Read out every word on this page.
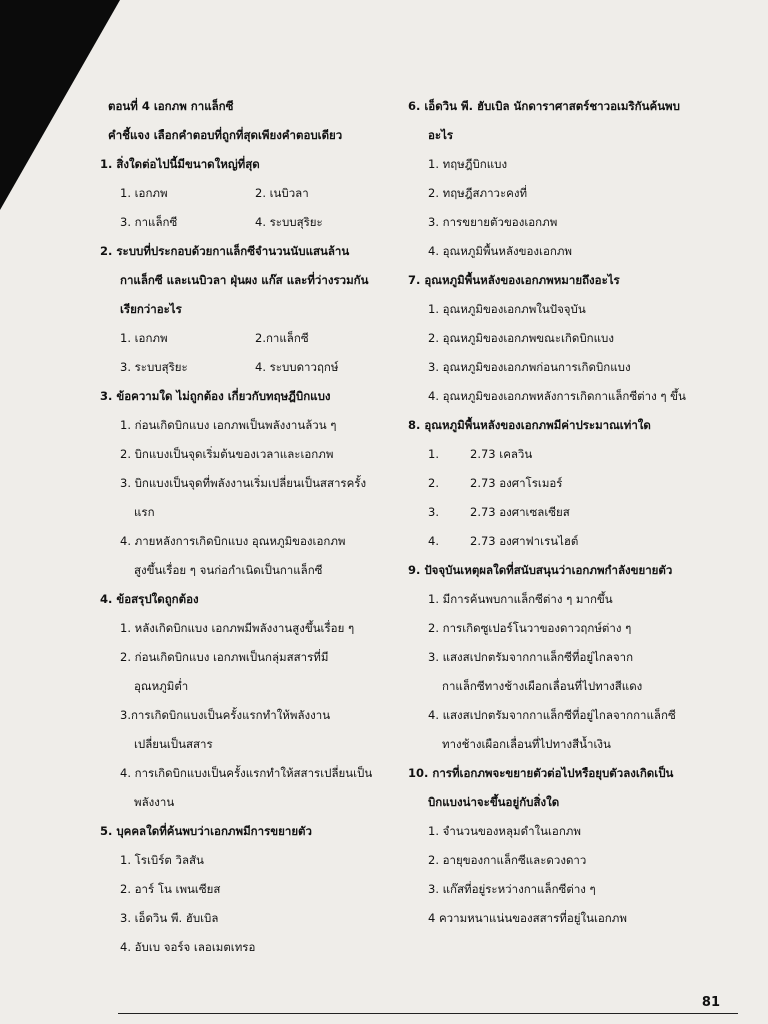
ตอนที่ 4 เอกภพ กาแล็กซี
คำชี้แจง เลือกคำตอบที่ถูกที่สุดเพียงคำตอบเดียว
1. สิ่งใดต่อไปนี้มีขนาดใหญ่ที่สุด
1. เอกภพ	2. เนบิวลา
3. กาแล็กซี	4. ระบบสุริยะ
2. ระบบที่ประกอบด้วยกาแล็กซีจำนวนนับแสนล้าน
กาแล็กซี และเนบิวลา ฝุ่นผง แก๊ส และที่ว่างรวมกัน
เรียกว่าอะไร
1. เอกภพ	2.กาแล็กซี
3. ระบบสุริยะ	4. ระบบดาวฤกษ์
3. ข้อความใด ไม่ถูกต้อง เกี่ยวกับทฤษฎีบิกแบง
1. ก่อนเกิดบิกแบง เอกภพเป็นพลังงานล้วน ๆ
2. บิกแบงเป็นจุดเริ่มต้นของเวลาและเอกภพ
3. บิกแบงเป็นจุดที่พลังงานเริ่มเปลี่ยนเป็นสสารครั้ง
แรก
4. ภายหลังการเกิดบิกแบง อุณหภูมิของเอกภพ
สูงขึ้นเรื่อย ๆ จนก่อกำเนิดเป็นกาแล็กซี
4. ข้อสรุปใดถูกต้อง
1. หลังเกิดบิกแบง เอกภพมีพลังงานสูงขึ้นเรื่อย ๆ
2. ก่อนเกิดบิกแบง เอกภพเป็นกลุ่มสสารที่มี
อุณหภูมิต่ำ
3.การเกิดบิกแบงเป็นครั้งแรกทำให้พลังงาน
เปลี่ยนเป็นสสาร
4. การเกิดบิกแบงเป็นครั้งแรกทำให้สสารเปลี่ยนเป็น
พลังงาน
5. บุคคลใดที่ค้นพบว่าเอกภพมีการขยายตัว
1. โรเบิร์ต วิลสัน
2. อาร์ โน เพนเซียส
3. เอ็ดวิน พี. ฮับเบิล
4. อับเบ จอร์จ เลอเมตเทรอ
6. เอ็ดวิน พี. ฮับเบิล นักดาราศาสตร์ชาวอเมริกันค้นพบ
อะไร
1. ทฤษฎีบิกแบง
2. ทฤษฎีสภาวะคงที่
3. การขยายตัวของเอกภพ
4. อุณหภูมิพื้นหลังของเอกภพ
7. อุณหภูมิพื้นหลังของเอกภพหมายถึงอะไร
1. อุณหภูมิของเอกภพในปัจจุบัน
2. อุณหภูมิของเอกภพขณะเกิดบิกแบง
3. อุณหภูมิของเอกภพก่อนการเกิดบิกแบง
4. อุณหภูมิของเอกภพหลังการเกิดกาแล็กซีต่าง ๆ ขึ้น
8. อุณหภูมิพื้นหลังของเอกภพมีค่าประมาณเท่าใด
1.	2.73 เคลวิน
2.	2.73 องศาโรเมอร์
3.	2.73 องศาเซลเซียส
4.	2.73 องศาฟาเรนไฮต์
9. ปัจจุบันเหตุผลใดที่สนับสนุนว่าเอกภพกำลังขยายตัว
1. มีการค้นพบกาแล็กซีต่าง ๆ มากขึ้น
2. การเกิดซูเปอร์โนวาของดาวฤกษ์ต่าง ๆ
3. แสงสเปกตรัมจากกาแล็กซีที่อยู่ไกลจาก
กาแล็กซีทางช้างเผือกเลื่อนที่ไปทางสีแดง
4. แสงสเปกตรัมจากกาแล็กซีที่อยู่ไกลจากกาแล็กซี
ทางช้างเผือกเลื่อนที่ไปทางสีน้ำเงิน
10. การที่เอกภพจะขยายตัวต่อไปหรือยุบตัวลงเกิดเป็น
บิกแบงน่าจะขึ้นอยู่กับสิ่งใด
1. จำนวนของหลุมดำในเอกภพ
2. อายุของกาแล็กซีและดวงดาว
3. แก๊สที่อยู่ระหว่างกาแล็กซีต่าง ๆ
4 ความหนาแน่นของสสารที่อยู่ในเอกภพ
81
